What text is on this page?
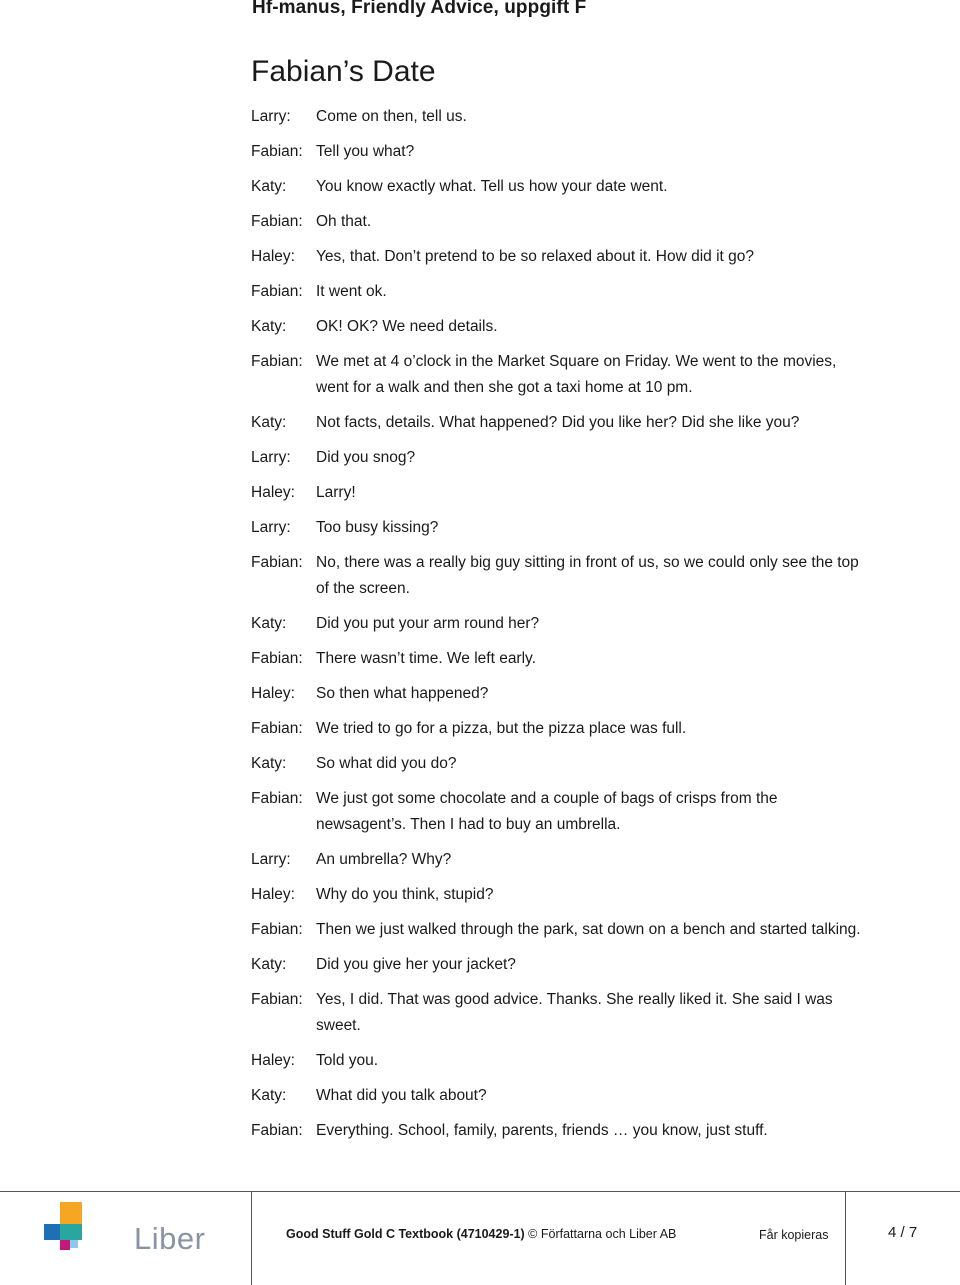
Hf-manus, Friendly Advice, uppgift F
Fabian’s Date
Larry:	Come on then, tell us.
Fabian: Tell you what?
Katy:	You know exactly what. Tell us how your date went.
Fabian: Oh that.
Haley:	Yes, that. Don’t pretend to be so relaxed about it. How did it go?
Fabian: It went ok.
Katy:	OK! OK? We need details.
Fabian: We met at 4 o’clock in the Market Square on Friday. We went to the movies, went for a walk and then she got a taxi home at 10 pm.
Katy:	Not facts, details. What happened? Did you like her? Did she like you?
Larry:	Did you snog?
Haley:	Larry!
Larry:	Too busy kissing?
Fabian: No, there was a really big guy sitting in front of us, so we could only see the top of the screen.
Katy:	Did you put your arm round her?
Fabian: There wasn’t time. We left early.
Haley:	So then what happened?
Fabian: We tried to go for a pizza, but the pizza place was full.
Katy:	So what did you do?
Fabian: We just got some chocolate and a couple of bags of crisps from the newsagent’s. Then I had to buy an umbrella.
Larry:	An umbrella? Why?
Haley:	Why do you think, stupid?
Fabian: Then we just walked through the park, sat down on a bench and started talking.
Katy:	Did you give her your jacket?
Fabian: Yes, I did. That was good advice. Thanks. She really liked it. She said I was sweet.
Haley:	Told you.
Katy:	What did you talk about?
Fabian: Everything. School, family, parents, friends … you know, just stuff.
Liber	Good Stuff Gold C Textbook (4710429-1) © Författarna och Liber AB	Får kopieras	4 / 7
